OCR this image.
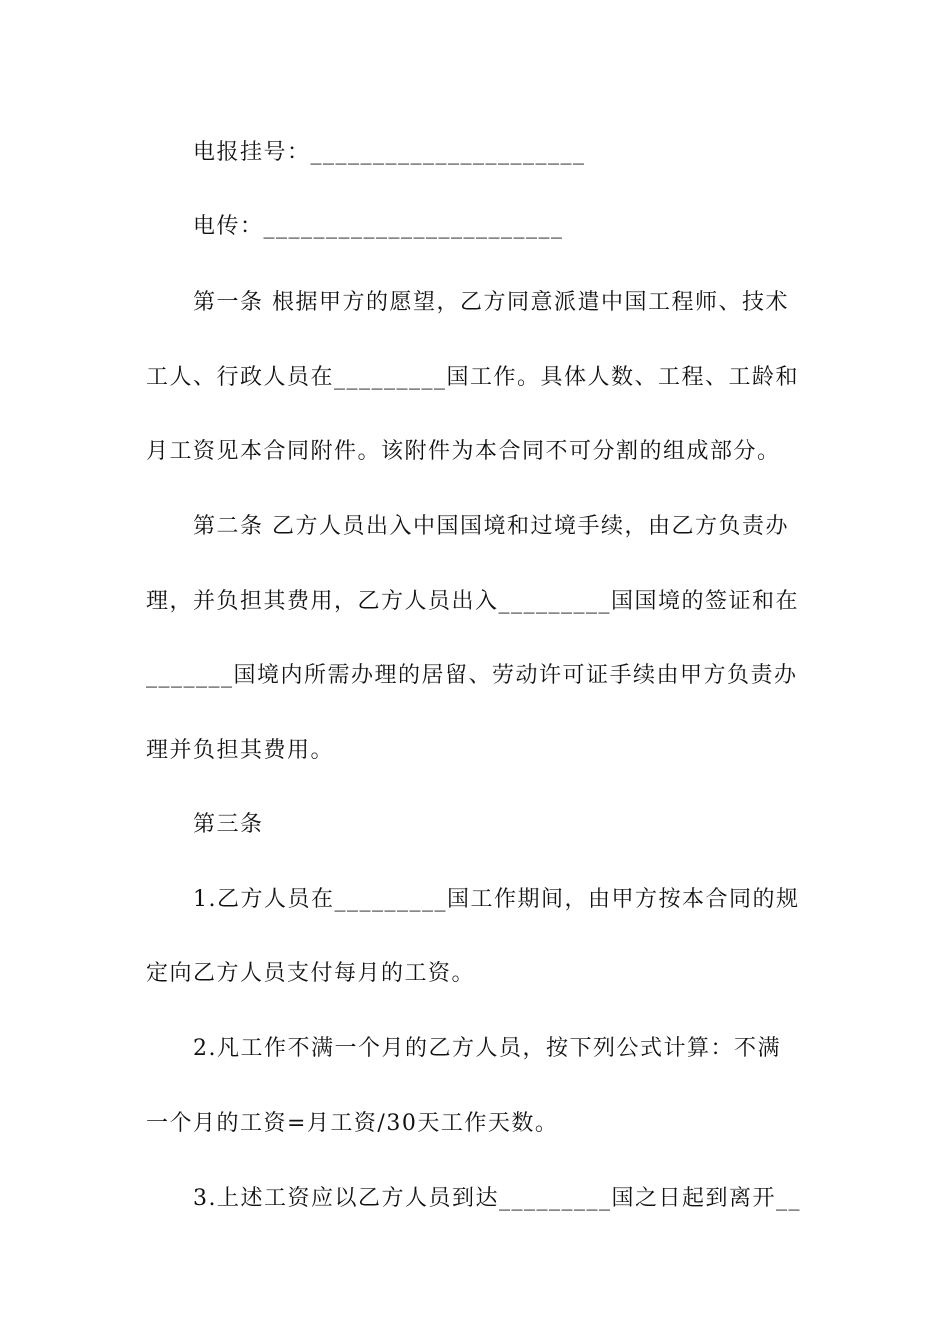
电报挂号：______________________
电传：________________________
第一条 根据甲方的愿望，乙方同意派遣中国工程师、技术
工人、行政人员在_________国工作。具体人数、工程、工龄和
月工资见本合同附件。该附件为本合同不可分割的组成部分。
第二条 乙方人员出入中国国境和过境手续，由乙方负责办
理，并负担其费用，乙方人员出入_________国国境的签证和在
_______国境内所需办理的居留、劳动许可证手续由甲方负责办
理并负担其费用。
第三条
1.乙方人员在_________国工作期间，由甲方按本合同的规
定向乙方人员支付每月的工资。
2.凡工作不满一个月的乙方人员，按下列公式计算：不满
一个月的工资=月工资/30天工作天数。
3.上述工资应以乙方人员到达_________国之日起到离开__
